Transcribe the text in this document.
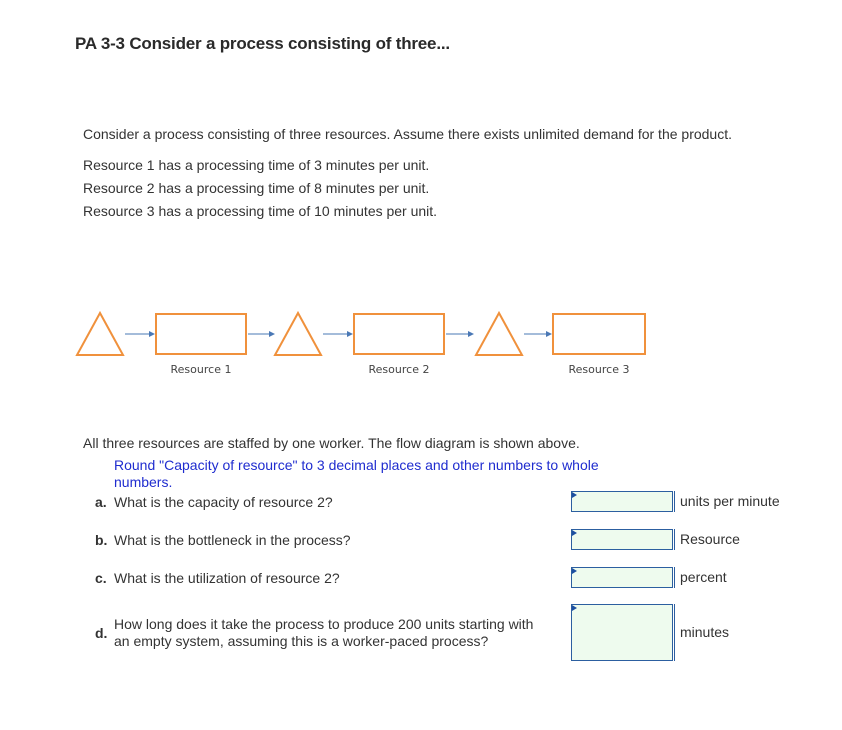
PA 3-3 Consider a process consisting of three...
Consider a process consisting of three resources. Assume there exists unlimited demand for the product.
Resource 1 has a processing time of 3 minutes per unit.
Resource 2 has a processing time of 8 minutes per unit.
Resource 3 has a processing time of 10 minutes per unit.
Resource 1	Resource 2	Resource 3
All three resources are staffed by one worker. The flow diagram is shown above.
Round "Capacity of resource" to 3 decimal places and other numbers to whole numbers.
a. What is the capacity of resource 2?	units per minute
b. What is the bottleneck in the process?	Resource
c. What is the utilization of resource 2?	percent
d.
How long does it take the process to produce 200 units starting with
an empty system, assuming this is a worker-paced process?
minutes
